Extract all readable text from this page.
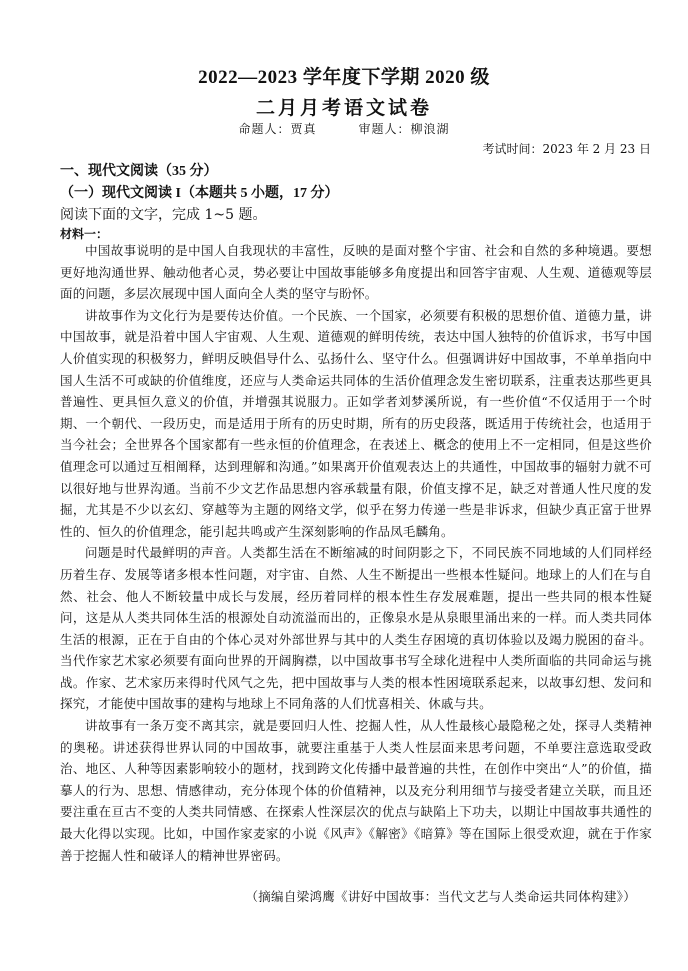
2022—2023 学年度下学期 2020 级
二月月考语文试卷
命题人：贾真	审题人：柳浪湖
考试时间：2023 年 2 月 23 日
一、现代文阅读（35 分）
（一）现代文阅读 I（本题共 5 小题，17 分）
阅读下面的文字，完成 1~5 题。
材料一：

中国故事说明的是中国人自我现状的丰富性，反映的是面对整个宇宙、社会和自然的多种境遇。要想更好地沟通世界、触动他者心灵，势必要让中国故事能够多角度提出和回答宇宙观、人生观、道德观等层面的问题，多层次展现中国人面向全人类的坚守与盼怀。

讲故事作为文化行为是要传达价值。一个民族、一个国家，必须要有积极的思想价值、道德力量，讲中国故事，就是沿着中国人宇宙观、人生观、道德观的鲜明传统，表达中国人独特的价值诉求，书写中国人价值实现的积极努力，鲜明反映倡导什么、弘扬什么、坚守什么。但强调讲好中国故事，不单单指向中国人生活不可或缺的价值维度，还应与人类命运共同体的生活价值理念发生密切联系，注重表达那些更具普遍性、更具恒久意义的价值，并增强其说服力。正如学者刘梦溪所说，有一些价值“不仅适用于一个时期、一个朝代、一段历史，而是适用于所有的历史时期，所有的历史段落，既适用于传统社会，也适用于当今社会；全世界各个国家都有一些永恒的价值理念，在表述上、概念的使用上不一定相同，但是这些价值理念可以通过互相阐释，达到理解和沟通。”如果离开价值观表达上的共通性，中国故事的辐射力就不可以很好地与世界沟通。当前不少文艺作品思想内容承载量有限，价值支撑不足，缺乏对普通人性尺度的发掘，尤其是不少以玄幻、穿越等为主题的网络文学，似乎在努力传递一些是非诉求，但缺少真正富于世界性的、恒久的价值理念，能引起共鸣或产生深刻影响的作品凤毛麟角。

问题是时代最鲜明的声音。人类都生活在不断缩减的时间阴影之下，不同民族不同地域的人们同样经历着生存、发展等诸多根本性问题，对宇宙、自然、人生不断提出一些根本性疑问。地球上的人们在与自然、社会、他人不断较量中成长与发展，经历着同样的根本性生存发展难题，提出一些共同的根本性疑问，这是从人类共同体生活的根源处自动流溢而出的，正像泉水是从泉眼里涌出来的一样。而人类共同体生活的根源，正在于自由的个体心灵对外部世界与其中的人类生存困境的真切体验以及竭力脱困的奋斗。当代作家艺术家必须要有面向世界的开阔胸襟，以中国故事书写全球化进程中人类所面临的共同命运与挑战。作家、艺术家历来得时代风气之先，把中国故事与人类的根本性困境联系起来，以故事幻想、发问和探究，才能使中国故事的建构与地球上不同角落的人们忧喜相关、休戚与共。

讲故事有一条万变不离其宗，就是要回归人性、挖掘人性，从人性最核心最隐秘之处，探寻人类精神的奥秘。讲述获得世界认同的中国故事，就要注重基于人类人性层面来思考问题，不单要注意选取受政治、地区、人种等因素影响较小的题材，找到跨文化传播中最普遍的共性，在创作中突出“人”的价值，描摹人的行为、思想、情感律动，充分体现个体的价值精神，以及充分利用细节与接受者建立关联，而且还要注重在亘古不变的人类共同情感、在探索人性深层次的优点与缺陷上下功夫，以期让中国故事共通性的最大化得以实现。比如，中国作家麦家的小说《风声》《解密》《暗算》等在国际上很受欢迎，就在于作家善于挖掘人性和破译人的精神世界密码。

（摘编自梁鸿鹰《讲好中国故事：当代文艺与人类命运共同体构建》）
